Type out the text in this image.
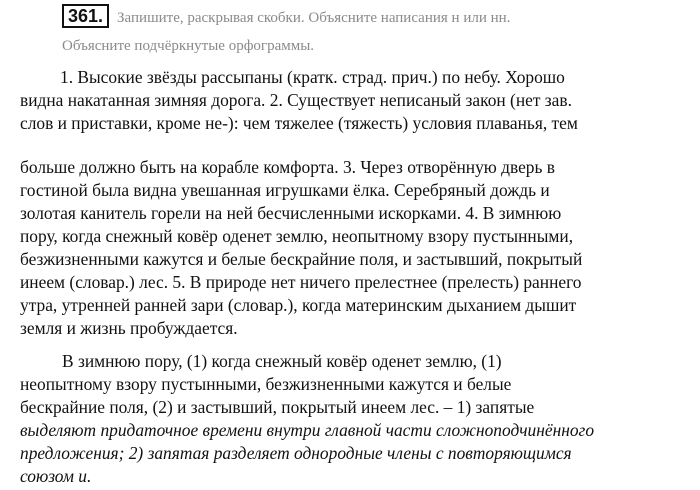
361. Запишите, раскрывая скобки. Объясните написания н или нн.
Объясните подчёркнутые орфограммы.
1. Высокие звёзды рассыпаны (кратк. страд. прич.) по небу. Хорошо
видна накатанная зимняя дорога. 2. Существует неписаный закон (нет зав.
слов и приставки, кроме не-): чем тяжелее (тяжесть) условия плаванья, тем
больше должно быть на корабле комфорта. 3. Через отворённую дверь в
гостиной была видна увешанная игрушками ёлка. Серебряный дождь и
золотая канитель горели на ней бесчисленными искорками. 4. В зимнюю
пору, когда снежный ковёр оденет землю, неопытному взору пустынными,
безжизненными кажутся и белые бескрайние поля, и застывший, покрытый
инеем (словар.) лес. 5. В природе нет ничего прелестнее (прелесть) раннего
утра, утренней ранней зари (словар.), когда материнским дыханием дышит
земля и жизнь пробуждается.
В зимнюю пору, (1) когда снежный ковёр оденет землю, (1)
неопытному взору пустынными, безжизненными кажутся и белые
бескрайние поля, (2) и застывший, покрытый инеем лес. – 1) запятые
выделяют придаточное времени внутри главной части сложноподчинённого
предложения; 2) запятая разделяет однородные члены с повторяющимся
союзом и.
